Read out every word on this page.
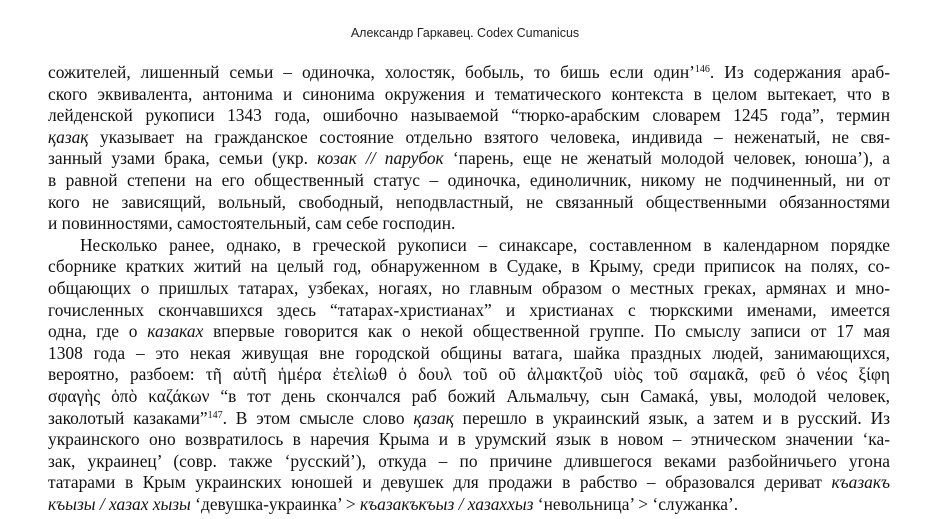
Александр Гаркавец. Codex Cumanicus
сожителей, лишенный семьи – одиночка, холостяк, бобыль, то бишь если один’$^{146}$. Из содержания араб-
ского эквивалента, антонима и синонима окружения и тематического контекста в целом вытекает, что в
лейденской рукописи 1343 года, ошибочно называемой “тюрко-арабским словарем 1245 года”, термин
қазақ указывает на гражданское состояние отдельно взятого человека, индивида – неженатый, не свя-
занный узами брака, семьи (укр. козак // парубок ‘парень, еще не женатый молодой человек, юноша’), а
в равной степени на его общественный статус – одиночка, единоличник, никому не подчиненный, ни от
кого не зависящий, вольный, свободный, неподвластный, не связанный общественными обязанностями
и повинностями, самостоятельный, сам себе господин.
Несколько ранее, однако, в греческой рукописи – синаксаре, составленном в календарном порядке
сборнике кратких житий на целый год, обнаруженном в Судаке, в Крыму, среди приписок на полях, со-
общающих о пришлых татарах, узбеках, ногаях, но главным образом о местных греках, армянах и мно-
гочисленных скончавшихся здесь “татарах-христианах” и христианах с тюркскими именами, имеется
одна, где о казаках впервые говорится как о некой общественной группе. По смыслу записи от 17 мая
1308 года – это некая живущая вне городской общины ватага, шайка праздных людей, занимающихся,
вероятно, разбоем: τῆ αὐτῆ ἡμέρα ἐτελἰωθ ὁ δουλ τοῦ οῦ ἀλμακτζοῦ υἱὸς τοῦ σαμακᾶ, φεῦ ὁ νέος ξίφη
σφαγὴς ὁπὸ καζάκων “в тот день скончался раб божий Альмальчу, сын Самакá, увы, молодой человек,
заколотый казаками”$^{147}$. В этом смысле слово қазақ перешло в украинский язык, а затем и в русский. Из
украинского оно возвратилось в наречия Крыма и в урумский язык в новом – этническом значении ‘ка-
зак, украинец’ (совр. также ‘русский’), откуда – по причине длившегося веками разбойничьего угона
татарами в Крым украинских юношей и девушек для продажи в рабство – образовался дериват къазакъ
къызы / хазах хызы ‘девушка-украинка’ > къазакъкъыз / хазаххыз ‘невольница’ > ‘служанка’.
